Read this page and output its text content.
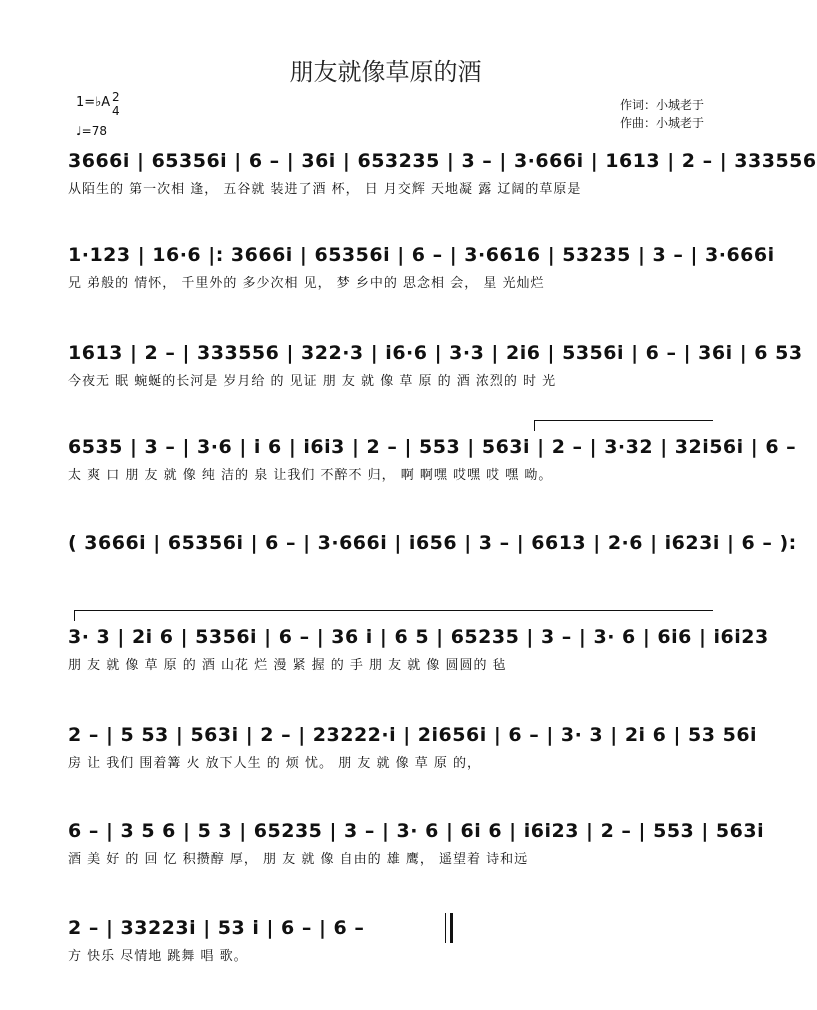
朋友就像草原的酒
1=♭A 2
4
♩=78
作词：小城老于
作曲：小城老于
3666i | 65356i | 6 – | 36i | 653235 | 3 – | 3·666i | 1613 | 2 – | 333556
从陌生的 第一次相 逢， 五谷就 装进了酒 杯， 日 月交辉 天地凝 露 辽阔的草原是
1·123 | 16·6 |: 3666i | 65356i | 6 – | 3·6616 | 53235 | 3 – | 3·666i
兄 弟般的 情怀， 千里外的 多少次相 见， 梦 乡中的 思念相 会， 星 光灿烂
1613 | 2 – | 333556 | 322·3 | i6·6 | 3·3 | 2i6 | 5356i | 6 – | 36i | 6 53
今夜无 眠 蜿蜒的长河是 岁月给 的 见证 朋 友 就 像 草 原 的 酒 浓烈的 时 光
6535 | 3 – | 3·6 | i 6 | i6i3 | 2 – | 553 | 563i | 2 – | 3·32 | 32i56i | 6 –
太 爽 口 朋 友 就 像 纯 洁的 泉 让我们 不醉不 归， 啊 啊嘿 哎嘿 哎 嘿 呦。
( 3666i | 65356i | 6 – | 3·666i | i656 | 3 – | 6613 | 2·6 | i623i | 6 – ):
3· 3 | 2i 6 | 5356i | 6 – | 36 i | 6 5 | 65235 | 3 – | 3· 6 | 6i6 | i6i23
朋 友 就 像 草 原 的 酒 山花 烂 漫 紧 握 的 手 朋 友 就 像 圆圆的 毡
2 – | 5 53 | 563i | 2 – | 23222·i | 2i656i | 6 – | 3· 3 | 2i 6 | 53 56i
房 让 我们 围着篝 火 放下人生 的 烦 忧。 朋 友 就 像 草 原 的，
6 – | 3 5 6 | 5 3 | 65235 | 3 – | 3· 6 | 6i 6 | i6i23 | 2 – | 553 | 563i
酒 美 好 的 回 忆 积攒醇 厚， 朋 友 就 像 自由的 雄 鹰， 遥望着 诗和远
2 – | 33223i | 53 i | 6 – | 6 –
方 快乐 尽情地 跳舞 唱 歌。
